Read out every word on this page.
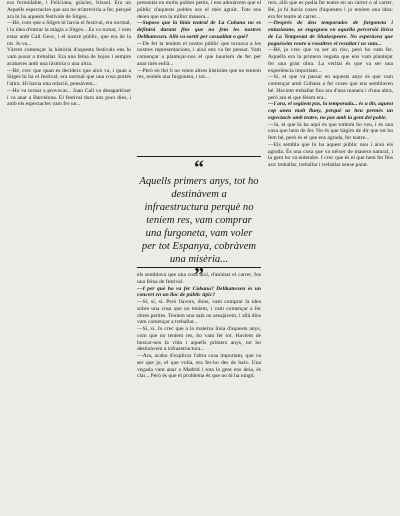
era formidable, i Feliciana, gràcies, Irissol. Era un Aquells espectacles que ara no m'atreviria a fer, perquè ara hi ha aquests festivals de Sitges...

—Bé, com que a Sitges hi havia el festival, era normal, i la idea d'entrar la màgia a Sitges... Es va tornar, i vam estar amb Call Geoc, i el nostre públic, que era de la nit. Jo va...

Vàrem començar la història d'aquests festivals ens hi vam posar a treballar. Era una feina de bojos i sempre acabaves amb una història o una altra.

—Bé, crec que quan es decideix que això va, i quan a Sitges hi ha el festival, era normal que una cosa portés l'altra. Hi havia una relació, pensàvem...

—Ho va tornar a provocar... Joan Call va desaparèixer i va anar a Barcelona. El festival dura uns pocs dies, i amb els espectacles vam fer un...

presentar en molts pobles petits, i ens adonàvem que el públic d'aquests pobles era el més agraït. Tots ens deien que era la millor manera...

—Suposo que la línia teatral de La Cubana no es definirà durant fins que no fem les nostres Delikatessen. Allò va sortir per casualitat o què?

—De fet la teníem el nostre públic que tornava a les nostres representacions, i això ens va fer pensar. Vam començar a plantejar-nos el que hauríem de fer per anar més enllà...

—Però en llei lí no veien altres històries que no teníem res, només una furgoneta, i tot...

“
Aquells primers anys, tot ho destinàvem a infraestructura perquè no teníem res, vam comprar una furgoneta, vam voler per tot Espanya, cobràvem una misèria...
”

els semblava que una cosa així, d'animar el carrer, fos una feina de festival.

—I per què ho va fer Cubana? Delikatessen és un concert en un lloc de públic típic?

—Sí, sí, sí. Però llavors, dons, vam comprar la idea sobre una cosa que no teníem, i vam començar a fer obres petites. Teníem una sala on assajàvem, i allà dins vam començar a treballar...

—Sí, sí. Jo crec que a la mateixa línia d'aquests anys, com que no teníem res, ho vam fer tot. Havíem de buscar-nos la vida i aquells primers anys, tot ho destinàvem a infraestructura...

—Ara, acabo d'explicar l'altra cosa important, que va ser que jo, el que volia, era fer-ho des de baix. Una vegada vam anar a Madrid i tota la gent ens deia, és clar... Però és que el problema és que no hi ha ningú.

rers, allò que es podia fer teatre en un carrer o al carrer. Bé, ja hi havia coses d'aquestes i jo teníem una idea: era fer teatre al carrer...

—Després de deu temporades de furgoneta i entusiasme, us engegueu en aquella perversió lírica de La Tempestat de Shakespeare. No esperàveu que poguéssim veure a vosaltres el resultat i us vam...

—Bé, jo crec que va ser un risc, però ho vam fer. Aquella era la primera vegada que ens vam plantejar fer una gran obra. La veritat és que va ser una experiència important...

—Sí, el que va passar en aquests anys és que vam començar amb Cubana a fer coses que ens semblaven bé. Havíem treballat fins ara d'una manera i d'una altra, però ara el que fèiem era...

—I ara, el següent pas, la temporada... és a dir, aquest cop aneu molt lluny, perquè us heu permès un espectacle amb teatre, no pas amb la gent del poble.

—Ja, el que hi ha aquí és que tothom ho veu, i és una cosa que hem de fer. No és que hàgim de dir que tot ho fem bé, però és el que ens agrada, fer teatre...

—Els sembla que hi ha aquest públic nou i això els agrada. És una cosa que va néixer de manera natural, i la gent ho va entendre. I crec que és el que hem fet fins ara: treballar, treballar i treballar sense parar.
